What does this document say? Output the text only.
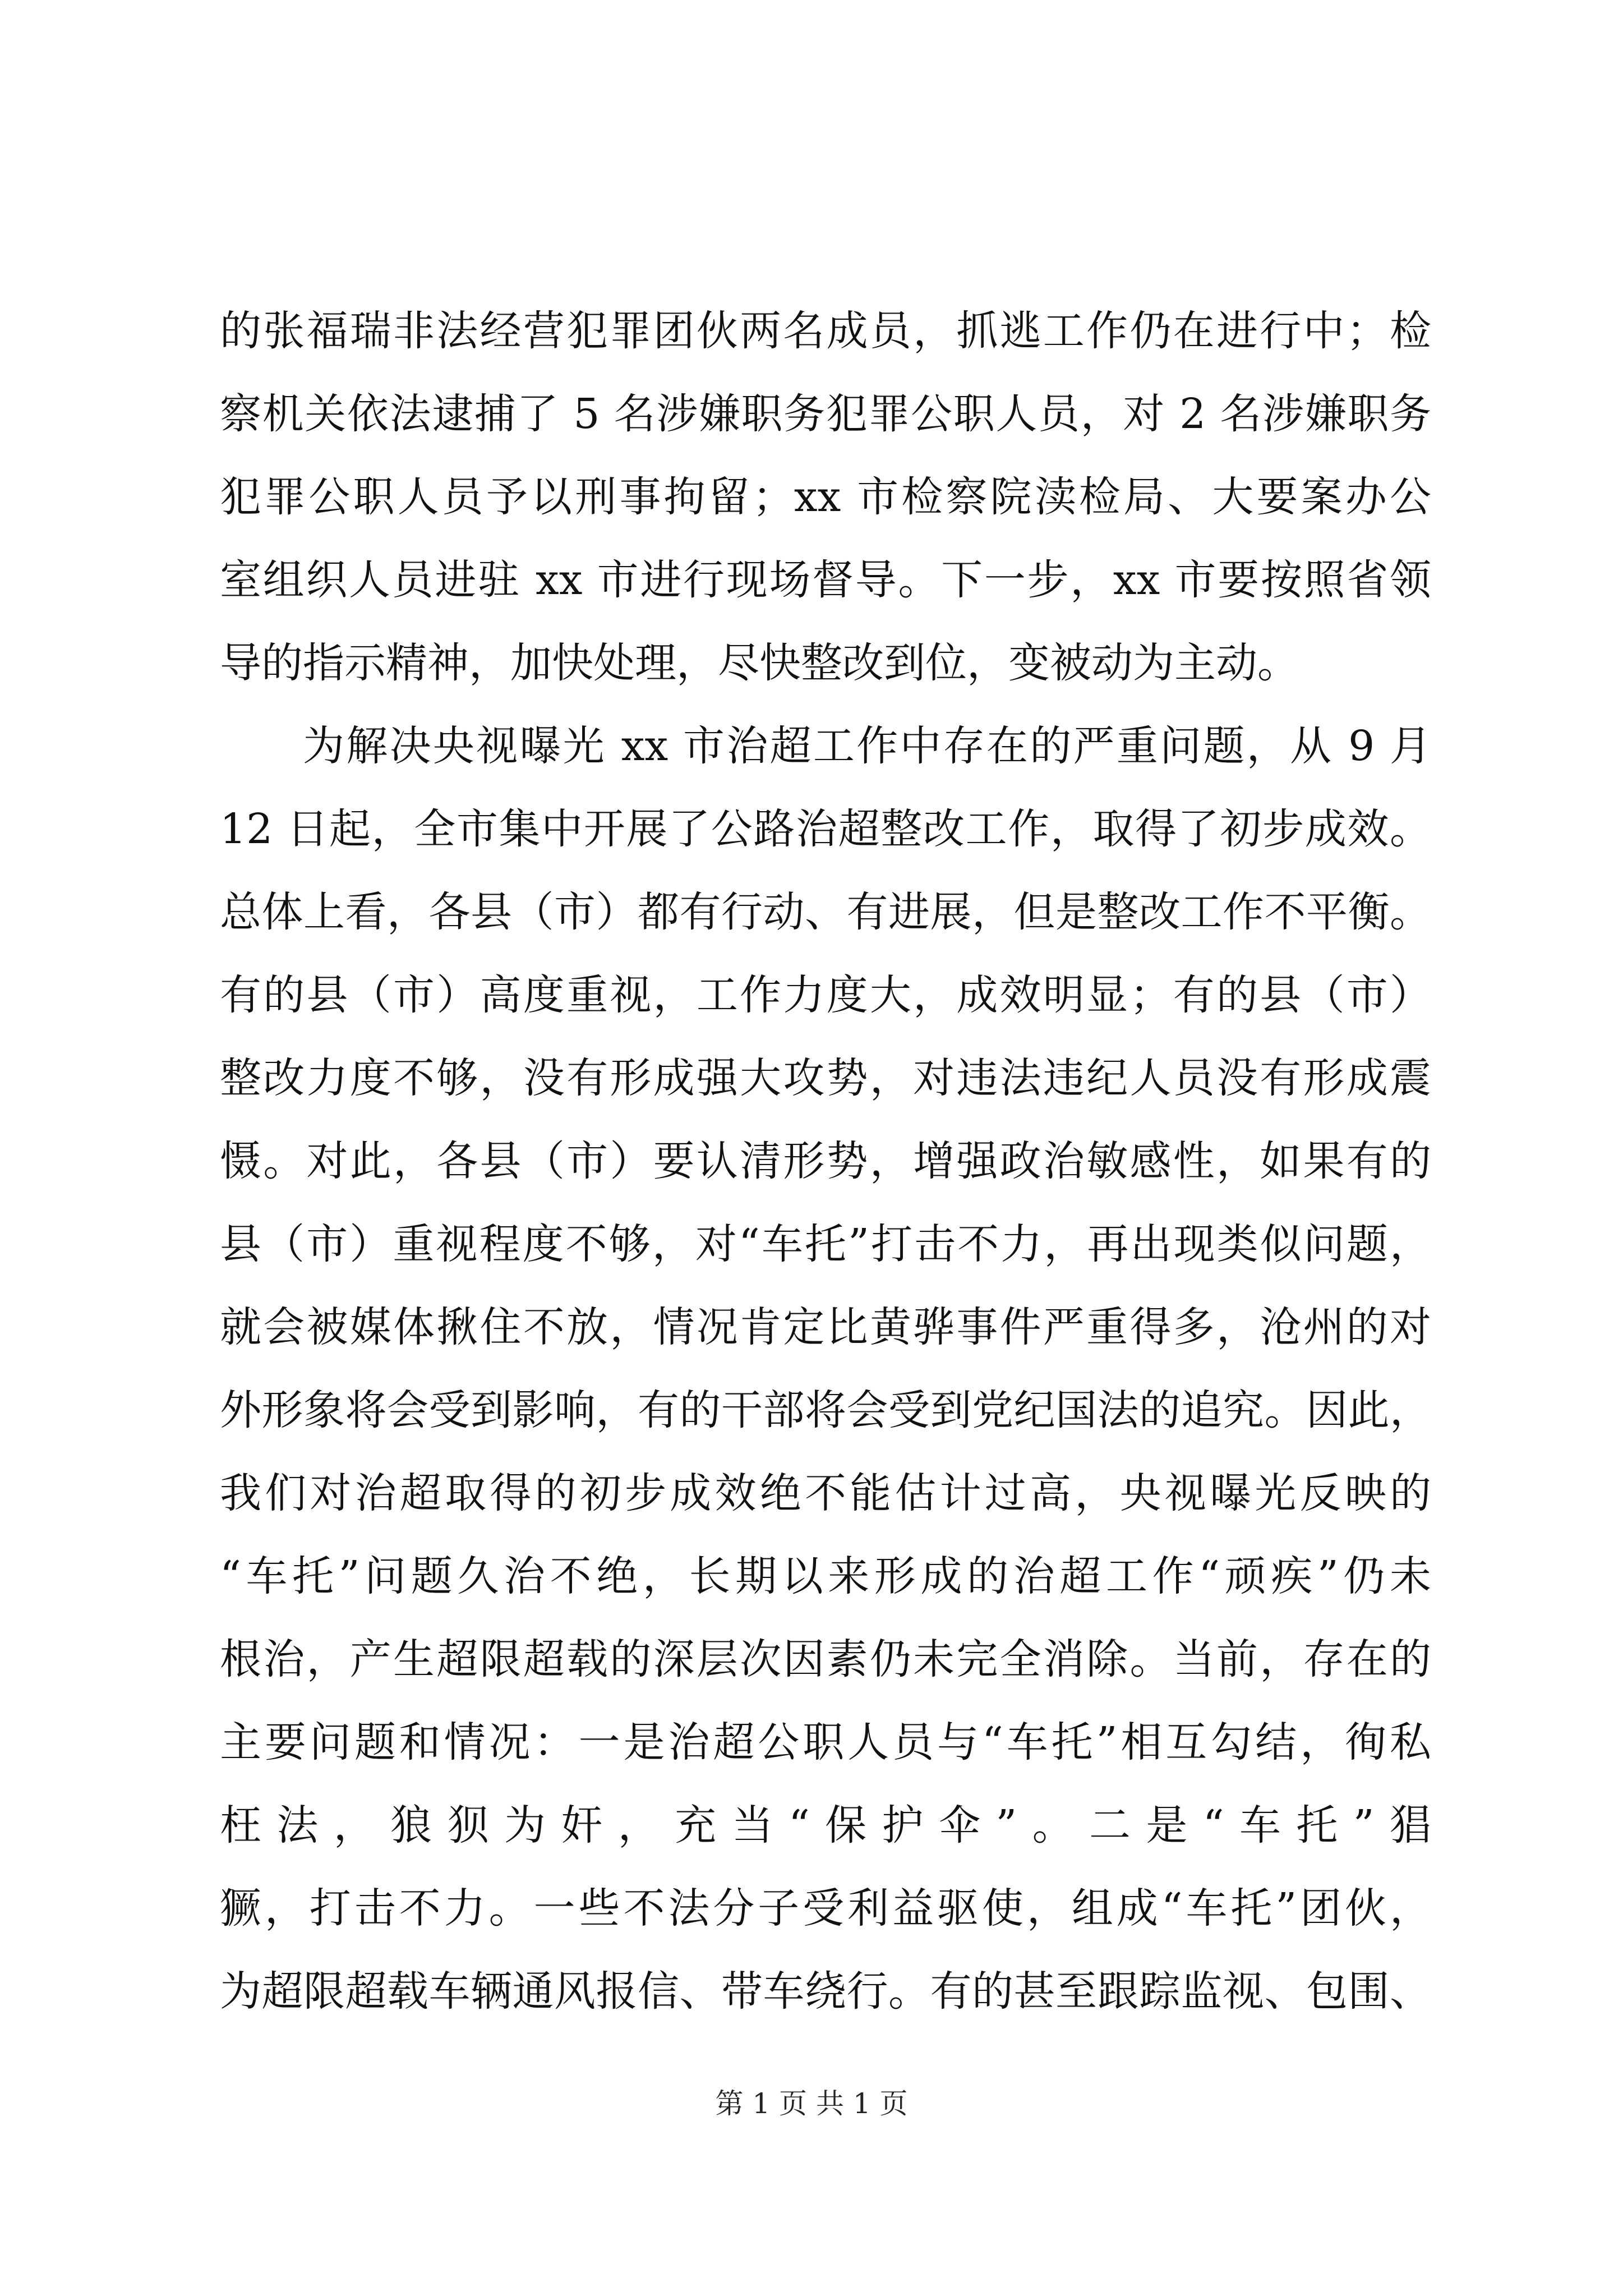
的张福瑞非法经营犯罪团伙两名成员，抓逃工作仍在进行中；检
察机关依法逮捕了 5 名涉嫌职务犯罪公职人员，对 2 名涉嫌职务
犯罪公职人员予以刑事拘留；xx 市检察院渎检局、大要案办公
室组织人员进驻 xx 市进行现场督导。下一步，xx 市要按照省领
导的指示精神，加快处理，尽快整改到位，变被动为主动。
为解决央视曝光 xx 市治超工作中存在的严重问题，从 9 月
12 日起，全市集中开展了公路治超整改工作，取得了初步成效。
总体上看，各县（市）都有行动、有进展，但是整改工作不平衡。
有的县（市）高度重视，工作力度大，成效明显；有的县（市）
整改力度不够，没有形成强大攻势，对违法违纪人员没有形成震
慑。对此，各县（市）要认清形势，增强政治敏感性，如果有的
县（市）重视程度不够，对“车托”打击不力，再出现类似问题，
就会被媒体揪住不放，情况肯定比黄骅事件严重得多，沧州的对
外形象将会受到影响，有的干部将会受到党纪国法的追究。因此，
我们对治超取得的初步成效绝不能估计过高，央视曝光反映的
“车托”问题久治不绝，长期以来形成的治超工作“顽疾”仍未
根治，产生超限超载的深层次因素仍未完全消除。当前，存在的
主要问题和情况：一是治超公职人员与“车托”相互勾结，徇私
枉法，狼狈为奸，充当“保护伞”。二是“车托”猖
獗，打击不力。一些不法分子受利益驱使，组成“车托”团伙，
为超限超载车辆通风报信、带车绕行。有的甚至跟踪监视、包围、
第 1 页 共 1 页
